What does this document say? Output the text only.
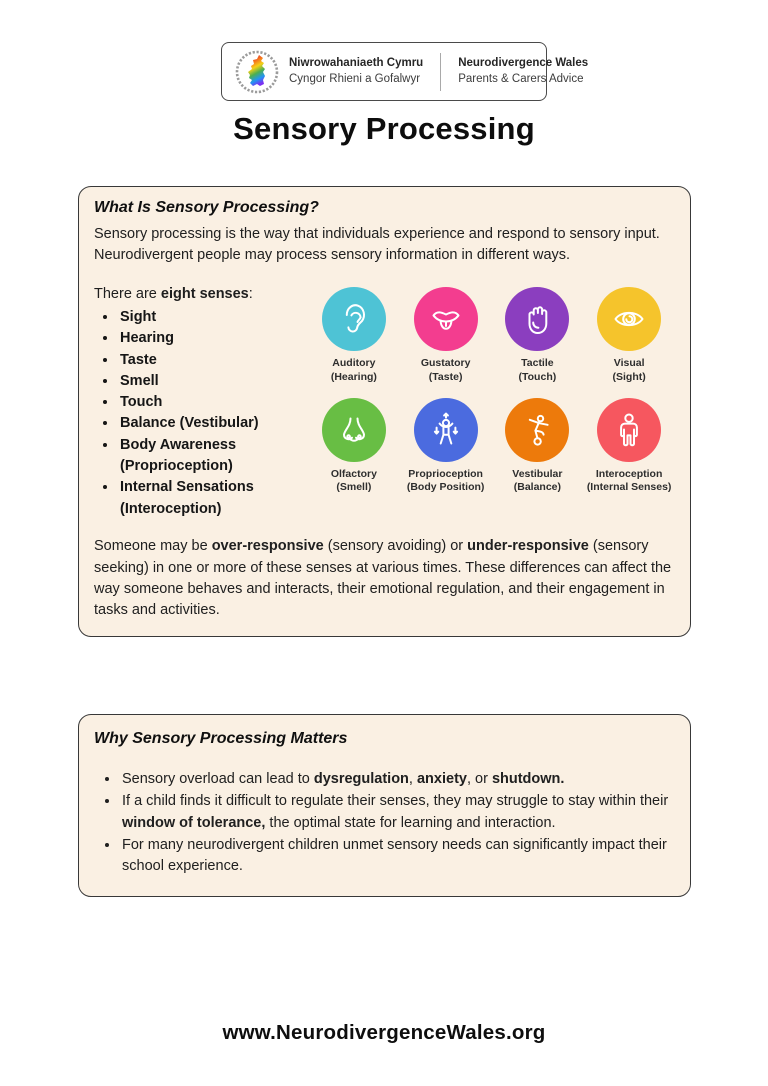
Niwrowahaniaeth Cymru
Cyngor Rhieni a Gofalwyr
Neurodivergence Wales
Parents & Carers Advice
Sensory Processing
What Is Sensory Processing?

Sensory processing is the way that individuals experience and respond to sensory input. Neurodivergent people may process sensory information in different ways.

There are eight senses:

• Sight
• Hearing
• Taste
• Smell
• Touch
• Balance (Vestibular)
• Body Awareness (Proprioception)
• Internal Sensations (Interoception)
Auditory
(Hearing)
Gustatory
(Taste)
Tactile
(Touch)
Visual
(Sight)
Olfactory
(Smell)
Proprioception
(Body Position)
Vestibular
(Balance)
Interoception
(Internal Senses)

Someone may be over-responsive (sensory avoiding) or under-responsive (sensory seeking) in one or more of these senses at various times. These differences can affect the way someone behaves and interacts, their emotional regulation, and their engagement in tasks and activities.

Why Sensory Processing Matters
• Sensory overload can lead to dysregulation, anxiety, or shutdown.
• If a child finds it difficult to regulate their senses, they may struggle to stay within their window of tolerance, the optimal state for learning and interaction.
• For many neurodivergent children unmet sensory needs can significantly impact their school experience.
www.NeurodivergenceWales.org
